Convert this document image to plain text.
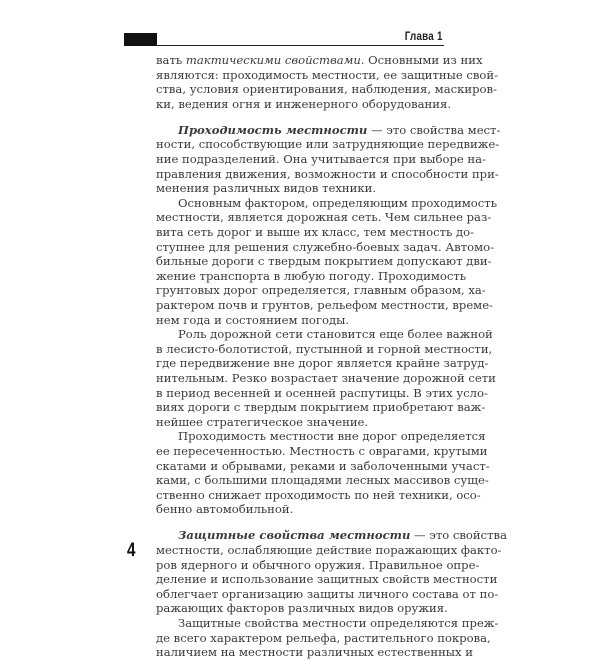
Глава 1
вать тактическими свойствами. Основными из них
являются: проходимость местности, ее защитные свой-
ства, условия ориентирования, наблюдения, маскиров-
ки, ведения огня и инженерного оборудования.
Проходимость местности — это свойства мест-
ности, способствующие или затрудняющие передвиже-
ние подразделений. Она учитывается при выборе на-
правления движения, возможности и способности при-
менения различных видов техники.
Основным фактором, определяющим проходимость
местности, является дорожная сеть. Чем сильнее раз-
вита сеть дорог и выше их класс, тем местность до-
ступнее для решения служебно-боевых задач. Автомо-
бильные дороги с твердым покрытием допускают дви-
жение транспорта в любую погоду. Проходимость
грунтовых дорог определяется, главным образом, ха-
рактером почв и грунтов, рельефом местности, време-
нем года и состоянием погоды.
Роль дорожной сети становится еще более важной
в лесисто-болотистой, пустынной и горной местности,
где передвижение вне дорог является крайне затруд-
нительным. Резко возрастает значение дорожной сети
в период весенней и осенней распутицы. В этих усло-
виях дороги с твердым покрытием приобретают важ-
нейшее стратегическое значение.
Проходимость местности вне дорог определяется
ее пересеченностью. Местность с оврагами, крутыми
скатами и обрывами, реками и заболоченными участ-
ками, с большими площадями лесных массивов суще-
ственно снижает проходимость по ней техники, осо-
бенно автомобильной.
Защитные свойства местности — это свойства
местности, ослабляющие действие поражающих факто-
ров ядерного и обычного оружия. Правильное опре-
деление и использование защитных свойств местности
облегчает организацию защиты личного состава от по-
ражающих факторов различных видов оружия.
Защитные свойства местности определяются преж-
де всего характером рельефа, растительного покрова,
наличием на местности различных естественных и
4
